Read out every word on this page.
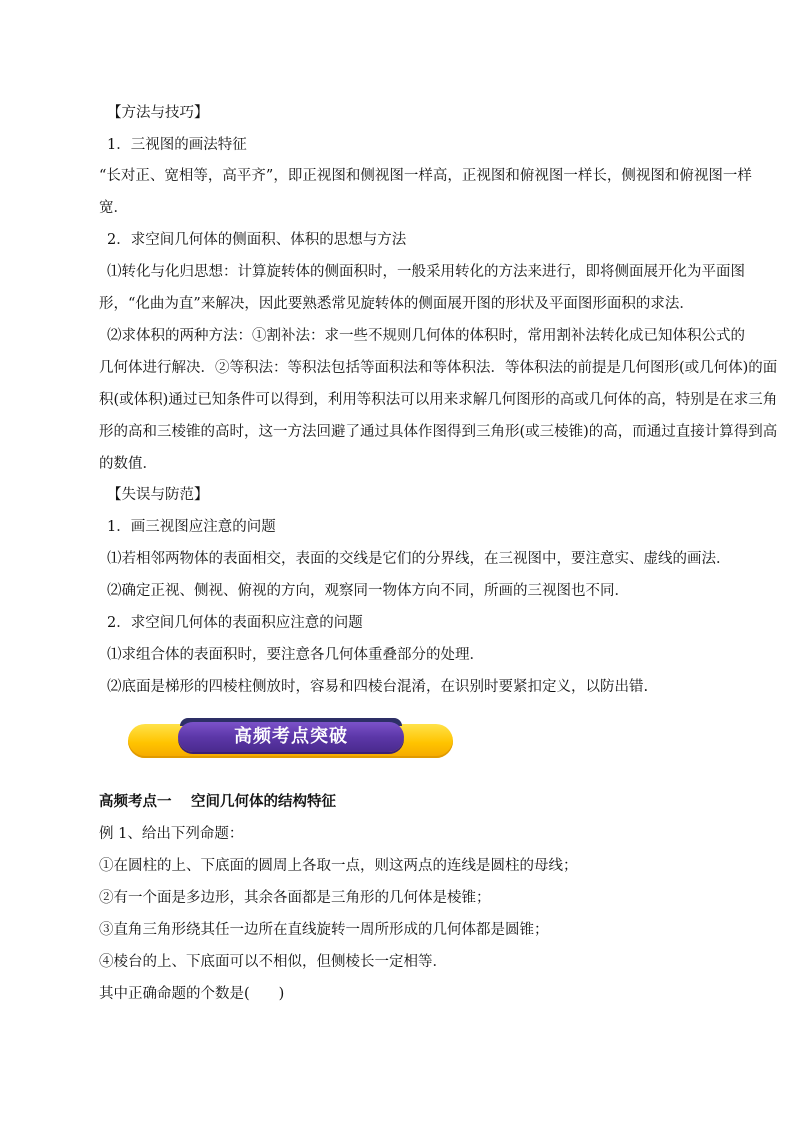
【方法与技巧】
1．三视图的画法特征
“长对正、宽相等，高平齐”，即正视图和侧视图一样高，正视图和俯视图一样长，侧视图和俯视图一样
宽．
2．求空间几何体的侧面积、体积的思想与方法
⑴转化与化归思想：计算旋转体的侧面积时，一般采用转化的方法来进行，即将侧面展开化为平面图
形，“化曲为直”来解决，因此要熟悉常见旋转体的侧面展开图的形状及平面图形面积的求法．
⑵求体积的两种方法：①割补法：求一些不规则几何体的体积时，常用割补法转化成已知体积公式的
几何体进行解决．②等积法：等积法包括等面积法和等体积法．等体积法的前提是几何图形(或几何体)的面
积(或体积)通过已知条件可以得到，利用等积法可以用来求解几何图形的高或几何体的高，特别是在求三角
形的高和三棱锥的高时，这一方法回避了通过具体作图得到三角形(或三棱锥)的高，而通过直接计算得到高
的数值．
【失误与防范】
1．画三视图应注意的问题
⑴若相邻两物体的表面相交，表面的交线是它们的分界线，在三视图中，要注意实、虚线的画法．
⑵确定正视、侧视、俯视的方向，观察同一物体方向不同，所画的三视图也不同．
2．求空间几何体的表面积应注意的问题
⑴求组合体的表面积时，要注意各几何体重叠部分的处理．
⑵底面是梯形的四棱柱侧放时，容易和四棱台混淆，在识别时要紧扣定义，以防出错.
高频考点突破
高频考点一　 空间几何体的结构特征
例 1、给出下列命题：
①在圆柱的上、下底面的圆周上各取一点，则这两点的连线是圆柱的母线；
②有一个面是多边形，其余各面都是三角形的几何体是棱锥；
③直角三角形绕其任一边所在直线旋转一周所形成的几何体都是圆锥；
④棱台的上、下底面可以不相似，但侧棱长一定相等．
其中正确命题的个数是(　　)
